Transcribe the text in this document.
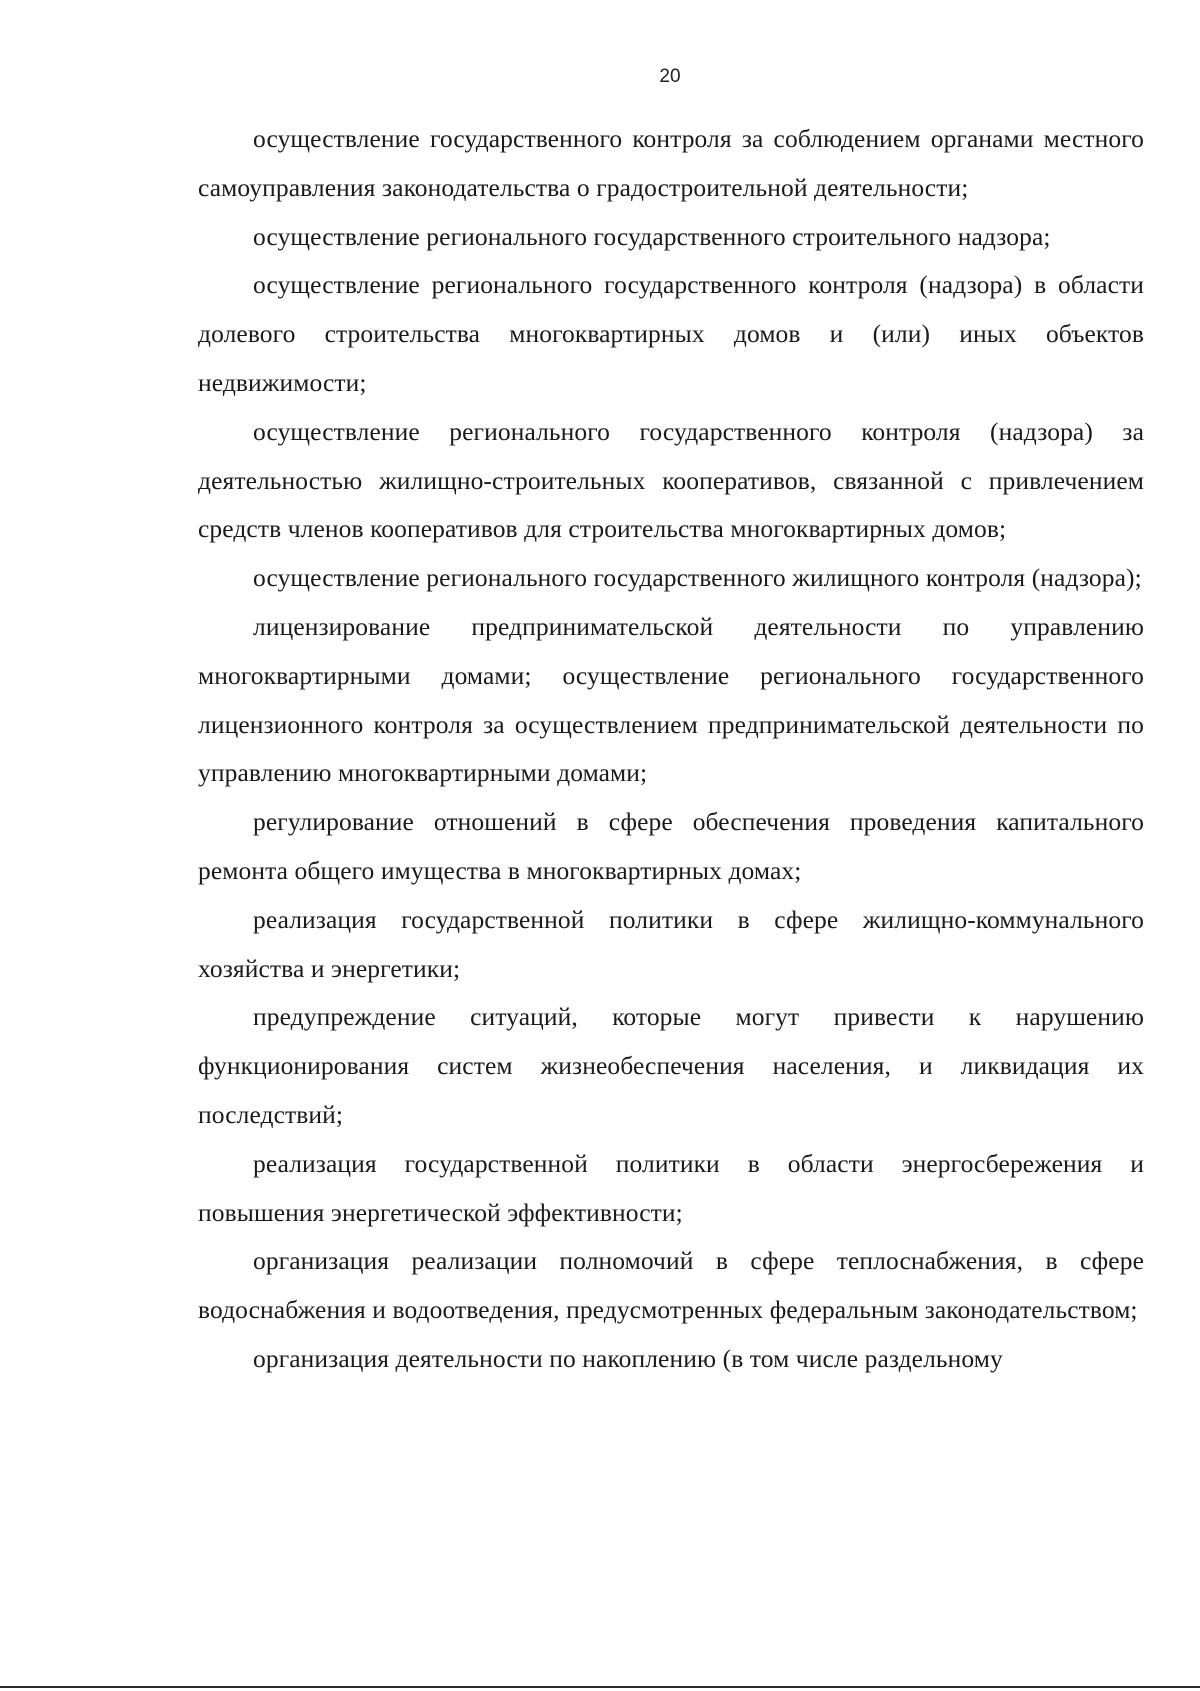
20

осуществление государственного контроля за соблюдением органами местного самоуправления законодательства о градостроительной деятельности;

осуществление регионального государственного строительного надзора;

осуществление регионального государственного контроля (надзора) в области долевого строительства многоквартирных домов и (или) иных объектов недвижимости;

осуществление регионального государственного контроля (надзора) за деятельностью жилищно-строительных кооперативов, связанной с привлечением средств членов кооперативов для строительства многоквартирных домов;

осуществление регионального государственного жилищного контроля (надзора);

лицензирование предпринимательской деятельности по управлению многоквартирными домами; осуществление регионального государственного лицензионного контроля за осуществлением предпринимательской деятельности по управлению многоквартирными домами;

регулирование отношений в сфере обеспечения проведения капитального ремонта общего имущества в многоквартирных домах;

реализация государственной политики в сфере жилищно-коммунального хозяйства и энергетики;

предупреждение ситуаций, которые могут привести к нарушению функционирования систем жизнеобеспечения населения, и ликвидация их последствий;

реализация государственной политики в области энергосбережения и повышения энергетической эффективности;

организация реализации полномочий в сфере теплоснабжения, в сфере водоснабжения и водоотведения, предусмотренных федеральным законодательством;

организация деятельности по накоплению (в том числе раздельному
